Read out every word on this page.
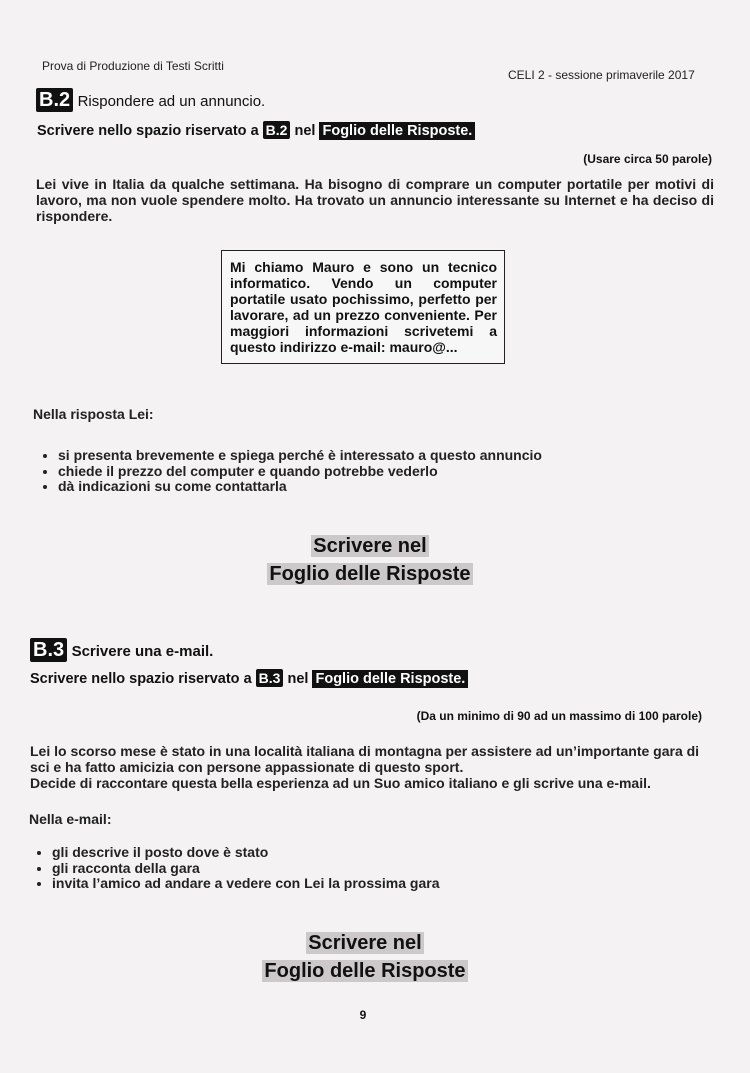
Prova di Produzione di Testi Scritti
CELI 2 - sessione primaverile 2017
B.2 Rispondere ad un annuncio.
Scrivere nello spazio riservato a B.2 nel Foglio delle Risposte.
(Usare circa 50 parole)
Lei vive in Italia da qualche settimana. Ha bisogno di comprare un computer portatile per motivi di lavoro, ma non vuole spendere molto. Ha trovato un annuncio interessante su Internet e ha deciso di rispondere.
Mi chiamo Mauro e sono un tecnico informatico. Vendo un computer portatile usato pochissimo, perfetto per lavorare, ad un prezzo conveniente. Per maggiori informazioni scrivetemi a questo indirizzo e-mail: mauro@...
Nella risposta Lei:
• si presenta brevemente e spiega perché è interessato a questo annuncio
• chiede il prezzo del computer e quando potrebbe vederlo
• dà indicazioni su come contattarla
Scrivere nel
Foglio delle Risposte
B.3 Scrivere una e-mail.
Scrivere nello spazio riservato a B.3 nel Foglio delle Risposte.
(Da un minimo di 90 ad un massimo di 100 parole)
Lei lo scorso mese è stato in una località italiana di montagna per assistere ad un’importante gara di sci e ha fatto amicizia con persone appassionate di questo sport.
Decide di raccontare questa bella esperienza ad un Suo amico italiano e gli scrive una e-mail.
Nella e-mail:
• gli descrive il posto dove è stato
• gli racconta della gara
• invita l’amico ad andare a vedere con Lei la prossima gara
Scrivere nel
Foglio delle Risposte
9
